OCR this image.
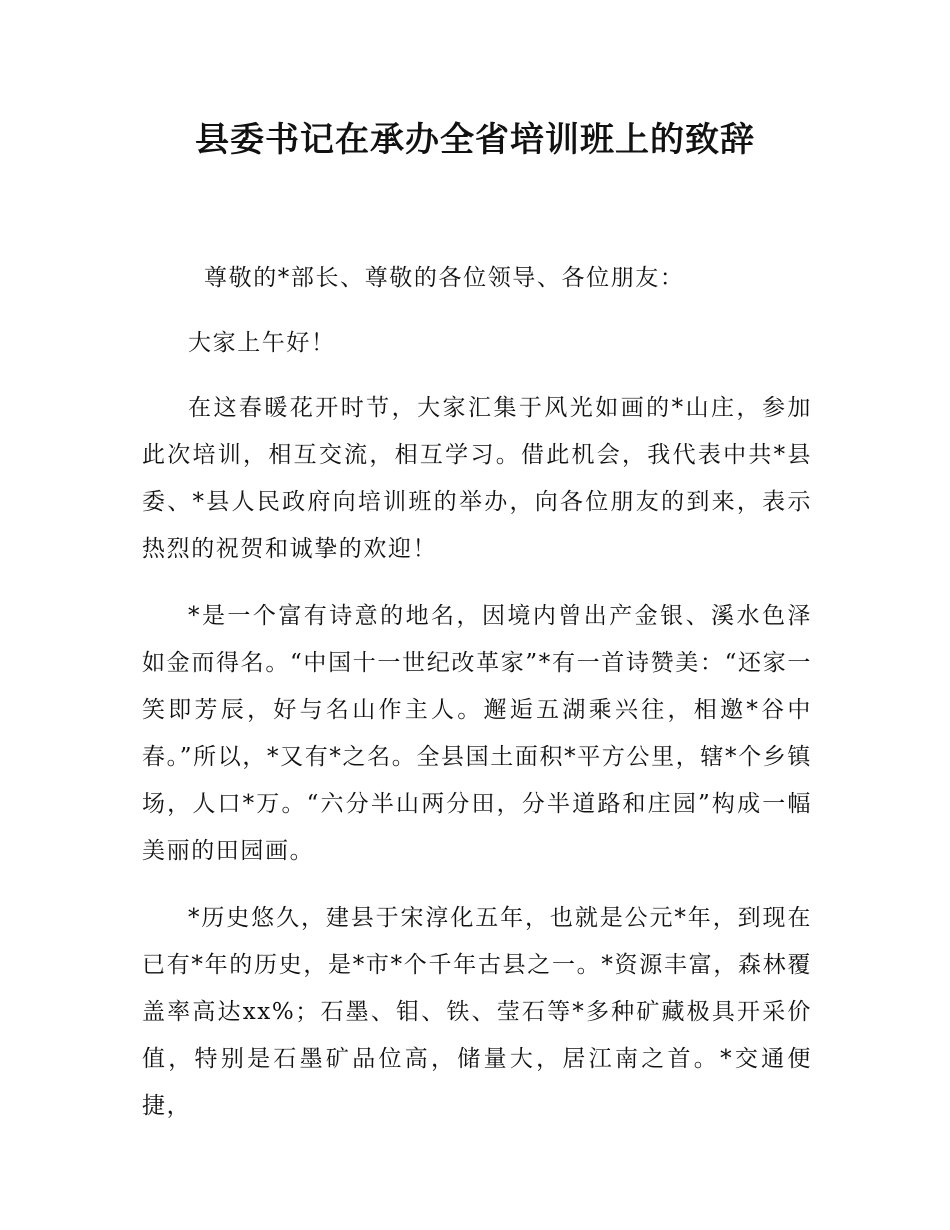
县委书记在承办全省培训班上的致辞

尊敬的*部长、尊敬的各位领导、各位朋友：

大家上午好！

在这春暖花开时节，大家汇集于风光如画的*山庄，参加此次培训，相互交流，相互学习。借此机会，我代表中共*县委、*县人民政府向培训班的举办，向各位朋友的到来，表示热烈的祝贺和诚挚的欢迎！

*是一个富有诗意的地名，因境内曾出产金银、溪水色泽如金而得名。“中国十一世纪改革家”*有一首诗赞美：“还家一笑即芳辰，好与名山作主人。邂逅五湖乘兴往，相邀*谷中春。”所以，*又有*之名。全县国土面积*平方公里，辖*个乡镇场，人口*万。“六分半山两分田，分半道路和庄园”构成一幅美丽的田园画。

*历史悠久，建县于宋淳化五年，也就是公元*年，到现在已有*年的历史，是*市*个千年古县之一。*资源丰富，森林覆盖率高达xx%；石墨、钼、铁、莹石等*多种矿藏极具开采价值，特别是石墨矿品位高，储量大，居江南之首。*交通便捷，
